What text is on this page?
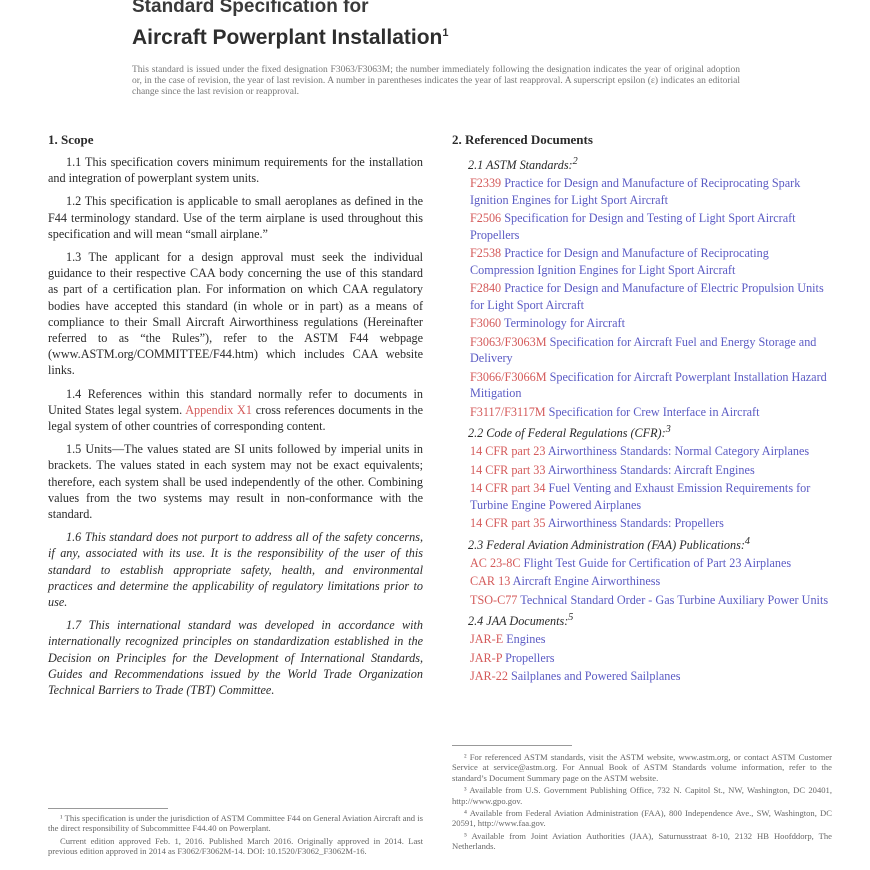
Standard Specification for
Aircraft Powerplant Installation$^1$
This standard is issued under the fixed designation F3063/F3063M; the number immediately following the designation indicates the year of original adoption or, in the case of revision, the year of last revision. A number in parentheses indicates the year of last reapproval. A superscript epsilon (ε) indicates an editorial change since the last revision or reapproval.
1. Scope

1.1 This specification covers minimum requirements for the installation and integration of powerplant system units.

1.2 This specification is applicable to small aeroplanes as defined in the F44 terminology standard. Use of the term airplane is used throughout this specification and will mean “small airplane.”

1.3 The applicant for a design approval must seek the individual guidance to their respective CAA body concerning the use of this standard as part of a certification plan. For information on which CAA regulatory bodies have accepted this standard (in whole or in part) as a means of compliance to their Small Aircraft Airworthiness regulations (Hereinafter referred to as “the Rules”), refer to the ASTM F44 webpage (www.ASTM.org/COMMITTEE/F44.htm) which includes CAA website links.

1.4 References within this standard normally refer to documents in United States legal system. Appendix X1 cross references documents in the legal system of other countries of corresponding content.

1.5 Units—The values stated are SI units followed by imperial units in brackets. The values stated in each system may not be exact equivalents; therefore, each system shall be used independently of the other. Combining values from the two systems may result in non-conformance with the standard.

1.6 This standard does not purport to address all of the safety concerns, if any, associated with its use. It is the responsibility of the user of this standard to establish appropriate safety, health, and environmental practices and determine the applicability of regulatory limitations prior to use.

1.7 This international standard was developed in accordance with internationally recognized principles on standardization established in the Decision on Principles for the Development of International Standards, Guides and Recommendations issued by the World Trade Organization Technical Barriers to Trade (TBT) Committee.

2. Referenced Documents
2.1 ASTM Standards:$^2$
F2339 Practice for Design and Manufacture of Reciprocating Spark Ignition Engines for Light Sport Aircraft
F2506 Specification for Design and Testing of Light Sport Aircraft Propellers
F2538 Practice for Design and Manufacture of Reciprocating Compression Ignition Engines for Light Sport Aircraft
F2840 Practice for Design and Manufacture of Electric Propulsion Units for Light Sport Aircraft
F3060 Terminology for Aircraft
F3063/F3063M Specification for Aircraft Fuel and Energy Storage and Delivery
F3066/F3066M Specification for Aircraft Powerplant Installation Hazard Mitigation
F3117/F3117M Specification for Crew Interface in Aircraft
2.2 Code of Federal Regulations (CFR):$^3$
14 CFR part 23 Airworthiness Standards: Normal Category Airplanes
14 CFR part 33 Airworthiness Standards: Aircraft Engines
14 CFR part 34 Fuel Venting and Exhaust Emission Requirements for Turbine Engine Powered Airplanes
14 CFR part 35 Airworthiness Standards: Propellers
2.3 Federal Aviation Administration (FAA) Publications:$^4$
AC 23-8C Flight Test Guide for Certification of Part 23 Airplanes
CAR 13 Aircraft Engine Airworthiness
TSO-C77 Technical Standard Order - Gas Turbine Auxiliary Power Units
2.4 JAA Documents:$^5$
JAR-E Engines
JAR-P Propellers
JAR-22 Sailplanes and Powered Sailplanes

² For referenced ASTM standards, visit the ASTM website, www.astm.org, or contact ASTM Customer Service at service@astm.org. For Annual Book of ASTM Standards volume information, refer to the standard’s Document Summary page on the ASTM website.

³ Available from U.S. Government Publishing Office, 732 N. Capitol St., NW, Washington, DC 20401, http://www.gpo.gov.

⁴ Available from Federal Aviation Administration (FAA), 800 Independence Ave., SW, Washington, DC 20591, http://www.faa.gov.

⁵ Available from Joint Aviation Authorities (JAA), Saturnusstraat 8-10, 2132 HB Hoofddorp, The Netherlands.

¹ This specification is under the jurisdiction of ASTM Committee F44 on General Aviation Aircraft and is the direct responsibility of Subcommittee F44.40 on Powerplant.

Current edition approved Feb. 1, 2016. Published March 2016. Originally approved in 2014. Last previous edition approved in 2014 as F3062/F3062M-14. DOI: 10.1520/F3062_F3062M-16.
